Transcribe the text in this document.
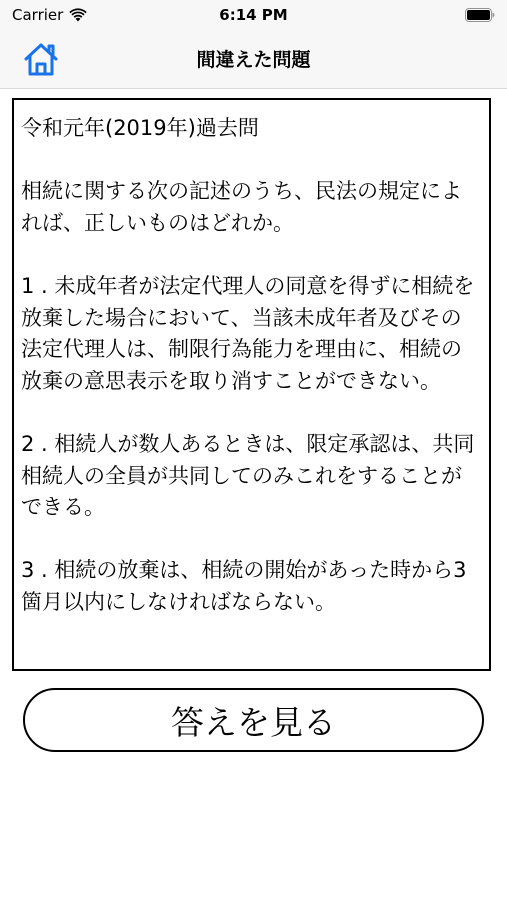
Carrier	6:14 PM
間違えた問題

令和元年(2019年)過去問

相続に関する次の記述のうち、民法の規定によれば、正しいものはどれか。

1 . 未成年者が法定代理人の同意を得ずに相続を放棄した場合において、当該未成年者及びその法定代理人は、制限行為能力を理由に、相続の放棄の意思表示を取り消すことができない。

2 . 相続人が数人あるときは、限定承認は、共同相続人の全員が共同してのみこれをすることができる。

3 . 相続の放棄は、相続の開始があった時から3箇月以内にしなければならない。

答えを見る
